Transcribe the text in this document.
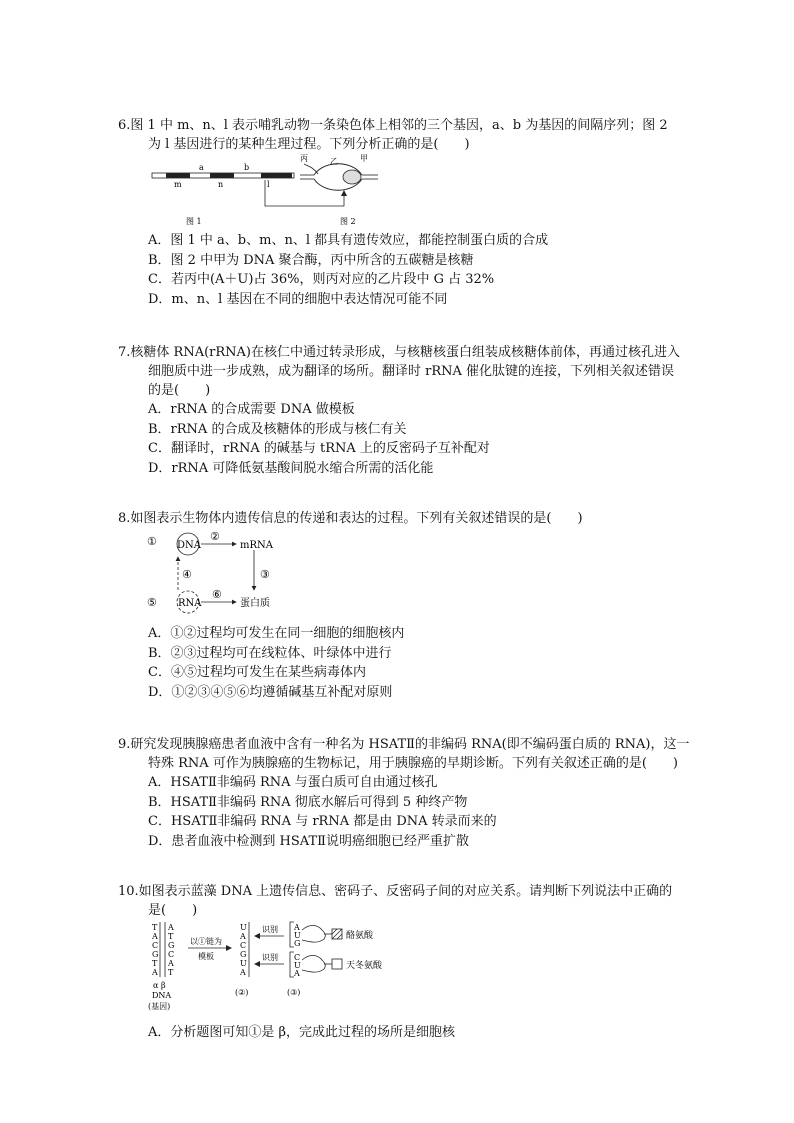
6.图 1 中 m、n、l 表示哺乳动物一条染色体上相邻的三个基因，a、b 为基因的间隔序列；图 2
为 l 基因进行的某种生理过程。下列分析正确的是(　　)

a	b
m	n	l
丙	乙	甲
图 1	图 2

A．图 1 中 a、b、m、n、l 都具有遗传效应，都能控制蛋白质的合成

B．图 2 中甲为 DNA 聚合酶，丙中所含的五碳糖是核糖

C．若丙中(A＋U)占 36%，则丙对应的乙片段中 G 占 32%

D．m、n、l 基因在不同的细胞中表达情况可能不同

7.核糖体 RNA(rRNA)在核仁中通过转录形成，与核糖核蛋白组装成核糖体前体，再通过核孔进入
细胞质中进一步成熟，成为翻译的场所。翻译时 rRNA 催化肽键的连接，下列相关叙述错误
的是(　　)

A．rRNA 的合成需要 DNA 做模板

B．rRNA 的合成及核糖体的形成与核仁有关

C．翻译时，rRNA 的碱基与 tRNA 上的反密码子互补配对

D．rRNA 可降低氨基酸间脱水缩合所需的活化能

8.如图表示生物体内遗传信息的传递和表达的过程。下列有关叙述错误的是(　　)

DNA
RNA
mRNA
蛋白质
①	②
③
④
⑤
⑥

A．①②过程均可发生在同一细胞的细胞核内

B．②③过程均可在线粒体、叶绿体中进行

C．④⑤过程均可发生在某些病毒体内

D．①②③④⑤⑥均遵循碱基互补配对原则

9.研究发现胰腺癌患者血液中含有一种名为 HSATⅡ的非编码 RNA(即不编码蛋白质的 RNA)，这一
特殊 RNA 可作为胰腺癌的生物标记，用于胰腺癌的早期诊断。下列有关叙述正确的是(　　)

A．HSATⅡ非编码 RNA 与蛋白质可自由通过核孔

B．HSATⅡ非编码 RNA 彻底水解后可得到 5 种终产物

C．HSATⅡ非编码 RNA 与 rRNA 都是由 DNA 转录而来的

D．患者血液中检测到 HSATⅡ说明癌细胞已经严重扩散

10.如图表示蓝藻 DNA 上遗传信息、密码子、反密码子间的对应关系。请判断下列说法中正确的
是(　　)

T
A
C
G
T
A
A
T
G
C
A
T
α β
DNA
(基因)
以①链为
模板
U
A
C
G
U
A
(②)
识别
识别
A
U
G
酪氨酸
C
U
A
天冬氨酸
(③)

A．分析题图可知①是 β，完成此过程的场所是细胞核
